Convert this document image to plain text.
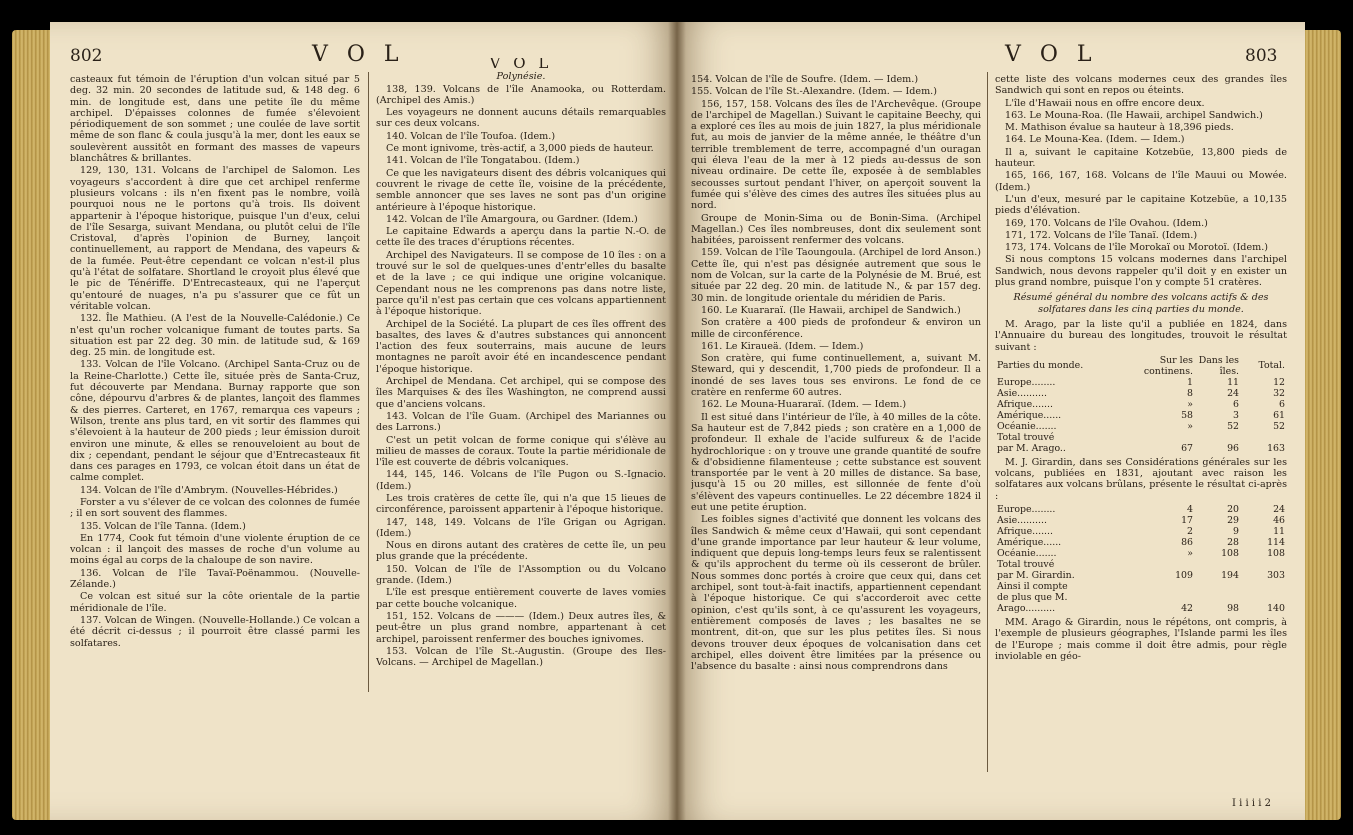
802	V O L

casteaux fut témoin de l'éruption d'un volcan situé par 5 deg. 32 min. 20 secondes de latitude sud, & 148 deg. 6 min. de longitude est, dans une petite île du même archipel. D'épaisses colonnes de fumée s'élevoient périodiquement de son sommet ; une coulée de lave sortit même de son flanc & coula jusqu'à la mer, dont les eaux se soulevèrent aussitôt en formant des masses de vapeurs blanchâtres & brillantes.

129, 130, 131. Volcans de l'archipel de Salomon. Les voyageurs s'accordent à dire que cet archipel renferme plusieurs volcans : ils n'en fixent pas le nombre, voilà pourquoi nous ne le portons qu'à trois. Ils doivent appartenir à l'époque historique, puisque l'un d'eux, celui de l'île Sesarga, suivant Mendana, ou plutôt celui de l'île Cristoval, d'après l'opinion de Burney, lançoit continuellement, au rapport de Mendana, des vapeurs & de la fumée. Peut-être cependant ce volcan n'est-il plus qu'à l'état de solfatare. Shortland le croyoit plus élevé que le pic de Ténériffe. D'Entrecasteaux, qui ne l'aperçut qu'entouré de nuages, n'a pu s'assurer que ce fût un véritable volcan.

132. Île Mathieu. (A l'est de la Nouvelle-Calédonie.) Ce n'est qu'un rocher volcanique fumant de toutes parts. Sa situation est par 22 deg. 30 min. de latitude sud, & 169 deg. 25 min. de longitude est.

133. Volcan de l'île Volcano. (Archipel Santa-Cruz ou de la Reine-Charlotte.) Cette île, située près de Santa-Cruz, fut découverte par Mendana. Burnay rapporte que son cône, dépourvu d'arbres & de plantes, lançoit des flammes & des pierres. Carteret, en 1767, remarqua ces vapeurs ; Wilson, trente ans plus tard, en vit sortir des flammes qui s'élevoient à la hauteur de 200 pieds ; leur émission duroit environ une minute, & elles se renouveloient au bout de dix ; cependant, pendant le séjour que d'Entrecasteaux fit dans ces parages en 1793, ce volcan étoit dans un état de calme complet.

134. Volcan de l'île d'Ambrym. (Nouvelles-Hébrides.)

Forster a vu s'élever de ce volcan des colonnes de fumée ; il en sort souvent des flammes.

135. Volcan de l'île Tanna. (Idem.)

En 1774, Cook fut témoin d'une violente éruption de ce volcan : il lançoit des masses de roche d'un volume au moins égal au corps de la chaloupe de son navire.

136. Volcan de l'île Tavaï-Poënammou. (Nouvelle-Zélande.)

Ce volcan est situé sur la côte orientale de la partie méridionale de l'île.

137. Volcan de Wingen. (Nouvelle-Hollande.) Ce volcan a été décrit ci-dessus ; il pourroit être classé parmi les solfatares.

V O L

Polynésie.

138, 139. Volcans de l'île Anamooka, ou Rotterdam. (Archipel des Amis.)

Les voyageurs ne donnent aucuns détails remarquables sur ces deux volcans.

140. Volcan de l'île Toufoa. (Idem.)

Ce mont ignivome, très-actif, a 3,000 pieds de hauteur.

141. Volcan de l'île Tongatabou. (Idem.)

Ce que les navigateurs disent des débris volcaniques qui couvrent le rivage de cette île, voisine de la précédente, semble annoncer que ses laves ne sont pas d'un origine antérieure à l'époque historique.

142. Volcan de l'île Amargoura, ou Gardner. (Idem.)

Le capitaine Edwards a aperçu dans la partie N.-O. de cette île des traces d'éruptions récentes.

Archipel des Navigateurs. Il se compose de 10 îles : on a trouvé sur le sol de quelques-unes d'entr'elles du basalte et de la lave ; ce qui indique une origine volcanique. Cependant nous ne les comprenons pas dans notre liste, parce qu'il n'est pas certain que ces volcans appartiennent à l'époque historique.

Archipel de la Société. La plupart de ces îles offrent des basaltes, des laves & d'autres substances qui annoncent l'action des feux souterrains, mais aucune de leurs montagnes ne paroît avoir été en incandescence pendant l'époque historique.

Archipel de Mendana. Cet archipel, qui se compose des îles Marquises & des îles Washington, ne comprend aussi que d'anciens volcans.

143. Volcan de l'île Guam. (Archipel des Mariannes ou des Larrons.)

C'est un petit volcan de forme conique qui s'élève au milieu de masses de coraux. Toute la partie méridionale de l'île est couverte de débris volcaniques.

144, 145, 146. Volcans de l'île Pugon ou S.-Ignacio. (Idem.)

Les trois cratères de cette île, qui n'a que 15 lieues de circonférence, paroissent appartenir à l'époque historique.

147, 148, 149. Volcans de l'île Grigan ou Agrigan. (Idem.)

Nous en dirons autant des cratères de cette île, un peu plus grande que la précédente.

150. Volcan de l'île de l'Assomption ou du Volcano grande. (Idem.)

L'île est presque entièrement couverte de laves vomies par cette bouche volcanique.

151, 152. Volcans de ——— (Idem.) Deux autres îles, & peut-être un plus grand nombre, appartenant à cet archipel, paroissent renfermer des bouches ignivomes.

153. Volcan de l'île St.-Augustin. (Groupe des Iles-Volcans. — Archipel de Magellan.)

V O L	803

154. Volcan de l'île de Soufre. (Idem. — Idem.)

155. Volcan de l'île St.-Alexandre. (Idem. — Idem.)

156, 157, 158. Volcans des îles de l'Archevêque. (Groupe de l'archipel de Magellan.) Suivant le capitaine Beechy, qui a exploré ces îles au mois de juin 1827, la plus méridionale fut, au mois de janvier de la même année, le théâtre d'un terrible tremblement de terre, accompagné d'un ouragan qui éleva l'eau de la mer à 12 pieds au-dessus de son niveau ordinaire. De cette île, exposée à de semblables secousses surtout pendant l'hiver, on aperçoit souvent la fumée qui s'élève des cimes des autres îles situées plus au nord.

Groupe de Monin-Sima ou de Bonin-Sima. (Archipel Magellan.) Ces îles nombreuses, dont dix seulement sont habitées, paroissent renfermer des volcans.

159. Volcan de l'île Taoungoula. (Archipel de lord Anson.) Cette île, qui n'est pas désignée autrement que sous le nom de Volcan, sur la carte de la Polynésie de M. Brué, est située par 22 deg. 20 min. de latitude N., & par 157 deg. 30 min. de longitude orientale du méridien de Paris.

160. Le Kuararaï. (Ile Hawaii, archipel de Sandwich.)

Son cratère a 400 pieds de profondeur & environ un mille de circonférence.

161. Le Kiraueä. (Idem. — Idem.)

Son cratère, qui fume continuellement, a, suivant M. Steward, qui y descendit, 1,700 pieds de profondeur. Il a inondé de ses laves tous ses environs. Le fond de ce cratère en renferme 60 autres.

162. Le Mouna-Huararaï. (Idem. — Idem.)

Il est situé dans l'intérieur de l'île, à 40 milles de la côte. Sa hauteur est de 7,842 pieds ; son cratère en a 1,000 de profondeur. Il exhale de l'acide sulfureux & de l'acide hydrochlorique : on y trouve une grande quantité de soufre & d'obsidienne filamenteuse ; cette substance est souvent transportée par le vent à 20 milles de distance. Sa base, jusqu'à 15 ou 20 milles, est sillonnée de fente d'où s'élèvent des vapeurs continuelles. Le 22 décembre 1824 il eut une petite éruption.

Les foibles signes d'activité que donnent les volcans des îles Sandwich & même ceux d'Hawaii, qui sont cependant d'une grande importance par leur hauteur & leur volume, indiquent que depuis long-temps leurs feux se ralentissent & qu'ils approchent du terme où ils cesseront de brûler. Nous sommes donc portés à croire que ceux qui, dans cet archipel, sont tout-à-fait inactifs, appartiennent cependant à l'époque historique. Ce qui s'accorderoit avec cette opinion, c'est qu'ils sont, à ce qu'assurent les voyageurs, entièrement composés de laves ; les basaltes ne se montrent, dit-on, que sur les plus petites îles. Si nous devons trouver deux époques de volcanisation dans cet archipel, elles doivent être limitées par la présence ou l'absence du basalte : ainsi nous comprendrons dans

cette liste des volcans modernes ceux des grandes îles Sandwich qui sont en repos ou éteints.

L'île d'Hawaii nous en offre encore deux.

163. Le Mouna-Roa. (Ile Hawaii, archipel Sandwich.)

M. Mathison évalue sa hauteur à 18,396 pieds.

164. Le Mouna-Kea. (Idem. — Idem.)

Il a, suivant le capitaine Kotzebüe, 13,800 pieds de hauteur.

165, 166, 167, 168. Volcans de l'île Mauui ou Mowée. (Idem.)

L'un d'eux, mesuré par le capitaine Kotzebüe, a 10,135 pieds d'élévation.

169, 170. Volcans de l'île Ovahou. (Idem.)

171, 172. Volcans de l'île Tanaï. (Idem.)

173, 174. Volcans de l'île Morokaï ou Morotoï. (Idem.)

Si nous comptons 15 volcans modernes dans l'archipel Sandwich, nous devons rappeler qu'il doit y en exister un plus grand nombre, puisque l'on y compte 51 cratères.

Résumé général du nombre des volcans actifs & des solfatares dans les cinq parties du monde.

M. Arago, par la liste qu'il a publiée en 1824, dans l'Annuaire du bureau des longitudes, trouvoit le résultat suivant :

Parties du monde.	Sur les continens.	Dans les îles.	Total.
Europe........	1	11	12
Asie..........	8	24	32
Afrique.......	»	6	6
Amérique......	58	3	61
Océanie.......	»	52	52
Total trouvé			
par M. Arago..	67	96	163

M. J. Girardin, dans ses Considérations générales sur les volcans, publiées en 1831, ajoutant avec raison les solfatares aux volcans brûlans, présente le résultat ci-après :

Europe........	4	20	24
Asie..........	17	29	46
Afrique.......	2	9	11
Amérique......	86	28	114
Océanie.......	»	108	108
Total trouvé			
par M. Girardin.	109	194	303
Ainsi il compte			
de plus que M.			
Arago..........	42	98	140

MM. Arago & Girardin, nous le répétons, ont compris, à l'exemple de plusieurs géographes, l'Islande parmi les îles de l'Europe ; mais comme il doit être admis, pour règle inviolable en géo-

I i i i i 2
